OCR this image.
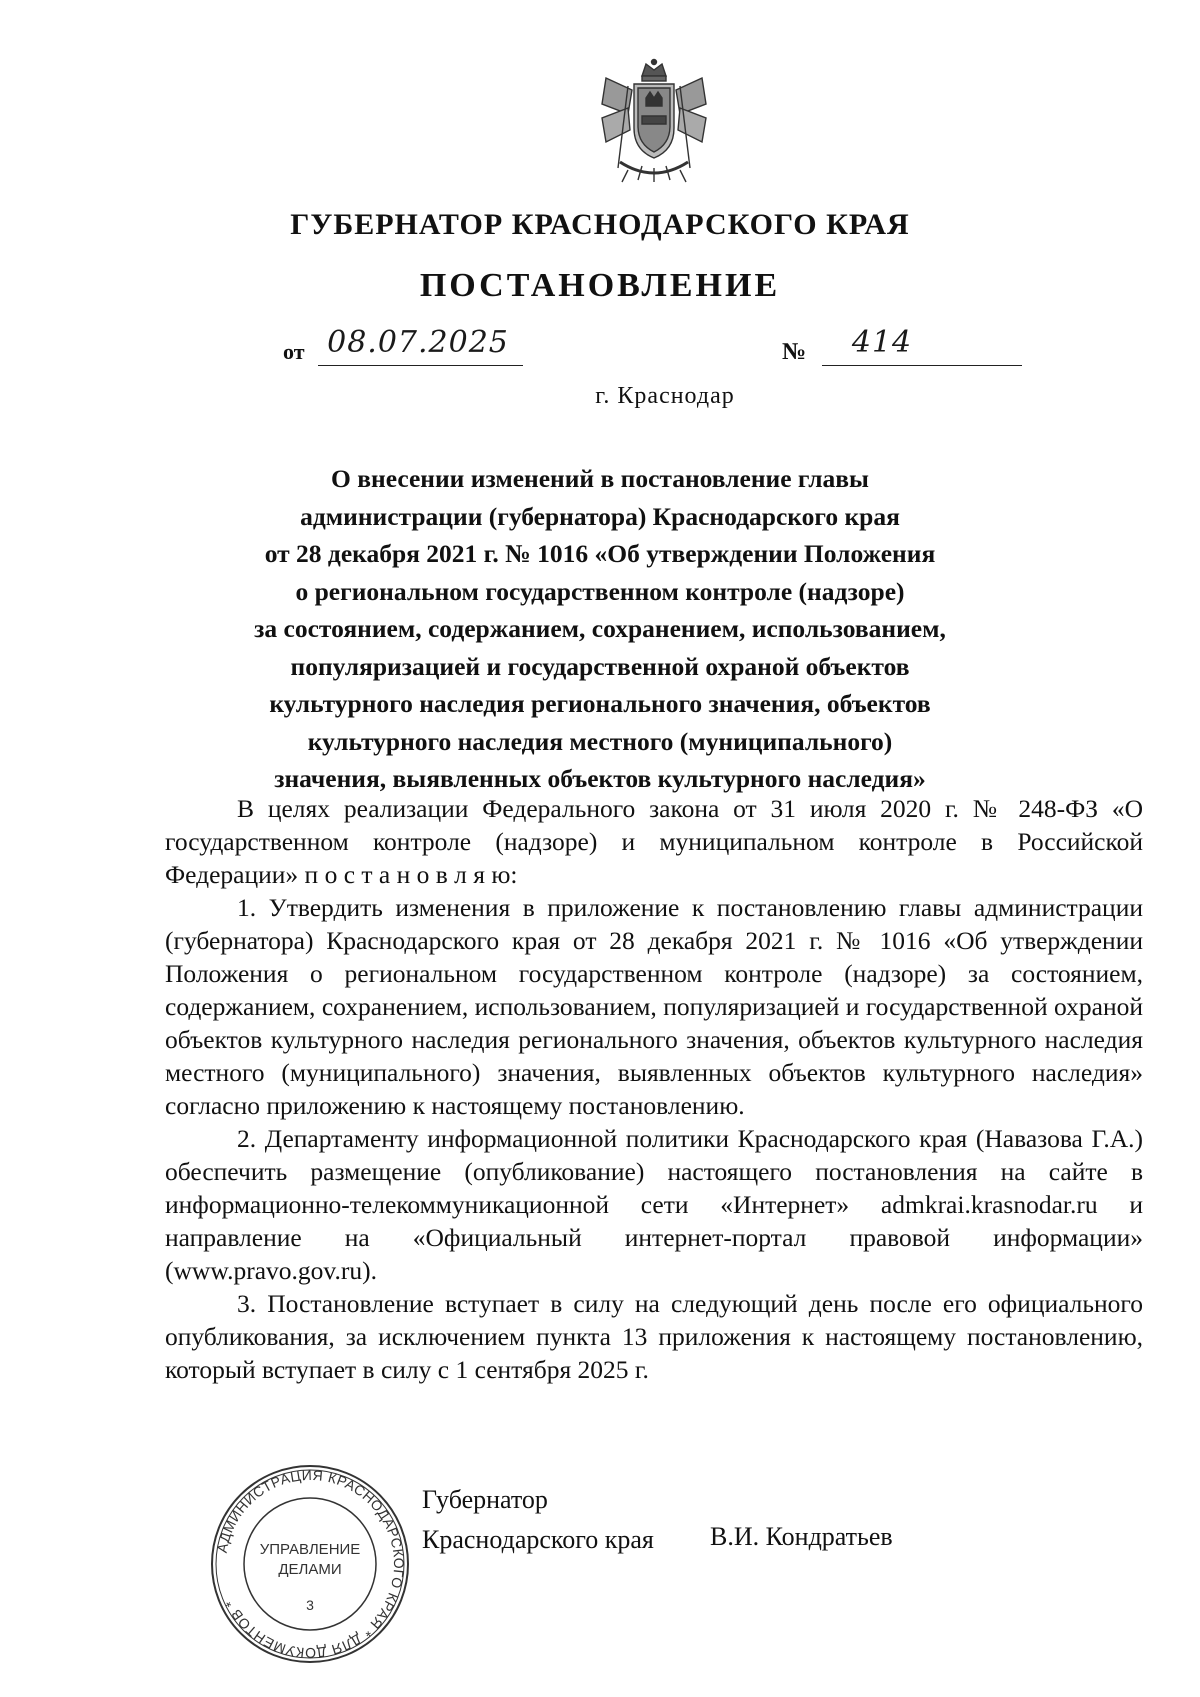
ГУБЕРНАТОР КРАСНОДАРСКОГО КРАЯ
ПОСТАНОВЛЕНИЕ
от 08.07.2025	№	414
г. Краснодар
О внесении изменений в постановление главы
администрации (губернатора) Краснодарского края
от 28 декабря 2021 г. № 1016 «Об утверждении Положения
о региональном государственном контроле (надзоре)
за состоянием, содержанием, сохранением, использованием,
популяризацией и государственной охраной объектов
культурного наследия регионального значения, объектов
культурного наследия местного (муниципального)
значения, выявленных объектов культурного наследия»

В целях реализации Федерального закона от 31 июля 2020 г. № 248-ФЗ «О государственном контроле (надзоре) и муниципальном контроле в Российской Федерации» п о с т а н о в л я ю:

1. Утвердить изменения в приложение к постановлению главы администрации (губернатора) Краснодарского края от 28 декабря 2021 г. № 1016 «Об утверждении Положения о региональном государственном контроле (надзоре) за состоянием, содержанием, сохранением, использованием, популяризацией и государственной охраной объектов культурного наследия регионального значения, объектов культурного наследия местного (муниципального) значения, выявленных объектов культурного наследия» согласно приложению к настоящему постановлению.

2. Департаменту информационной политики Краснодарского края (Навазова Г.А.) обеспечить размещение (опубликование) настоящего постановления на сайте в информационно-телекоммуникационной сети «Интернет» admkrai.krasnodar.ru и направление на «Официальный интернет-портал правовой информации» (www.pravo.gov.ru).

3. Постановление вступает в силу на следующий день после его официального опубликования, за исключением пункта 13 приложения к настоящему постановлению, который вступает в силу с 1 сентября 2025 г.

АДМИНИСТРАЦИЯ КРАСНОДАРСКОГО КРАЯ * ДЛЯ ДОКУМЕНТОВ *
УПРАВЛЕНИЕ
ДЕЛАМИ
3
Губернатор
Краснодарского края В.И. Кондратьев
